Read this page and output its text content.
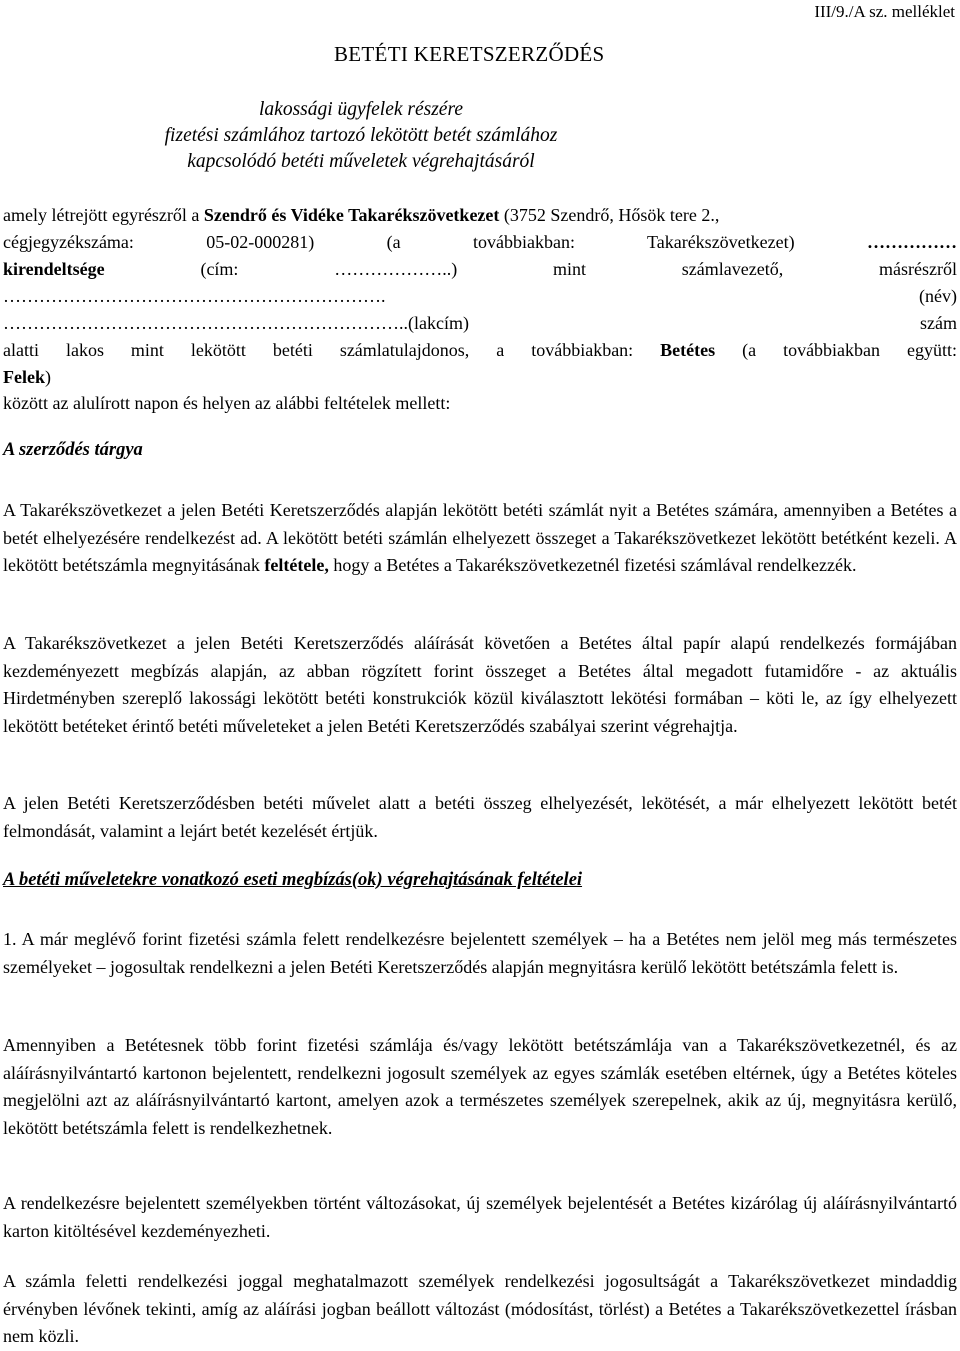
III/9./A sz. melléklet
BETÉTI KERETSZERZŐDÉS
lakossági ügyfelek részére
fizetési számlához tartozó lekötött betét számlához
kapcsolódó betéti műveletek végrehajtásáról
amely létrejött egyrészről a Szendrő és Vidéke Takarékszövetkezet (3752 Szendrő, Hősök tere 2.,
cégjegyzékszáma: 05-02-000281) (a továbbiakban: Takarékszövetkezet) ……………
kirendeltsége (cím: ………………..) mint számlavezető, másrészről
……………………………………………………….	(név)
…………………………………………………………..(lakcím)	szám
alatti lakos mint lekötött betéti számlatulajdonos, a továbbiakban: Betétes (a továbbiakban együtt:
Felek)
között az alulírott napon és helyen az alábbi feltételek mellett:
A szerződés tárgya
A Takarékszövetkezet a jelen Betéti Keretszerződés alapján lekötött betéti számlát nyit a Betétes számára, amennyiben a Betétes a betét elhelyezésére rendelkezést ad. A lekötött betéti számlán elhelyezett összeget a Takarékszövetkezet lekötött betétként kezeli. A lekötött betétszámla megnyitásának feltétele, hogy a Betétes a Takarékszövetkezetnél fizetési számlával rendelkezzék.
A Takarékszövetkezet a jelen Betéti Keretszerződés aláírását követően a Betétes által papír alapú rendelkezés formájában kezdeményezett megbízás alapján, az abban rögzített forint összeget a Betétes által megadott futamidőre - az aktuális Hirdetményben szereplő lakossági lekötött betéti konstrukciók közül kiválasztott lekötési formában – köti le, az így elhelyezett lekötött betéteket érintő betéti műveleteket a jelen Betéti Keretszerződés szabályai szerint végrehajtja.
A jelen Betéti Keretszerződésben betéti művelet alatt a betéti összeg elhelyezését, lekötését, a már elhelyezett lekötött betét felmondását, valamint a lejárt betét kezelését értjük.
A betéti műveletekre vonatkozó eseti megbízás(ok) végrehajtásának feltételei
1. A már meglévő forint fizetési számla felett rendelkezésre bejelentett személyek – ha a Betétes nem jelöl meg más természetes személyeket – jogosultak rendelkezni a jelen Betéti Keretszerződés alapján megnyitásra kerülő lekötött betétszámla felett is.
Amennyiben a Betétesnek több forint fizetési számlája és/vagy lekötött betétszámlája van a Takarékszövetkezetnél, és az aláírásnyilvántartó kartonon bejelentett, rendelkezni jogosult személyek az egyes számlák esetében eltérnek, úgy a Betétes köteles megjelölni azt az aláírásnyilvántartó kartont, amelyen azok a természetes személyek szerepelnek, akik az új, megnyitásra kerülő, lekötött betétszámla felett is rendelkezhetnek.
A rendelkezésre bejelentett személyekben történt változásokat, új személyek bejelentését a Betétes kizárólag új aláírásnyilvántartó karton kitöltésével kezdeményezheti.
A számla feletti rendelkezési joggal meghatalmazott személyek rendelkezési jogosultságát a Takarékszövetkezet mindaddig érvényben lévőnek tekinti, amíg az aláírási jogban beállott változást (módosítást, törlést) a Betétes a Takarékszövetkezettel írásban nem közli.
